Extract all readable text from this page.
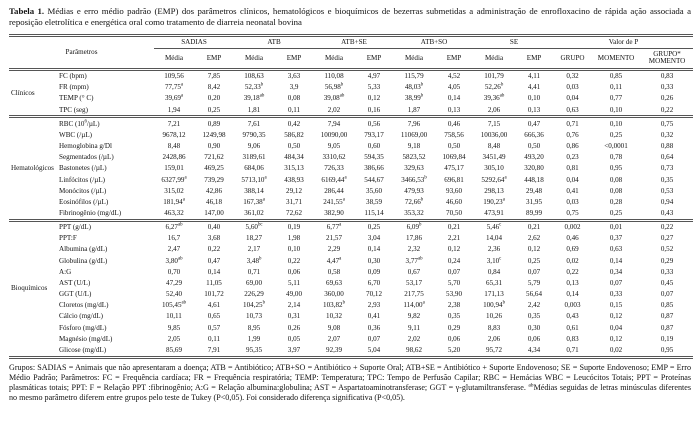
Tabela 1. Médias e erro médio padrão (EMP) dos parâmetros clínicos, hematológicos e bioquímicos de bezerras submetidas a administração de enrofloxacino de rápida ação associada a reposição eletrolítica e energética oral como tratamento de diarreia neonatal bovina

Parâmetros		SADIAS		ATB		ATB+SE		ATB+SO		SE		Valor de P		
		Média	EMP	Média	EMP	Média	EMP	Média	EMP	Média	EMP	GRUPO	MOMENTO	GRUPO* MOMENTO
Clínicos	FC (bpm)	109,56	7,85	108,63	3,63	110,08	4,97	115,79	4,52	101,79	4,11	0,32	0,85	0,83
	FR (mpm)	77,75$^a$	8,42	52,33$^b$	3,9	56,98$^b$	5,33	48,03$^b$	4,05	52,26$^b$	4,41	0,03	0,11	0,33
	TEMP (° C)	39,69$^a$	0,20	39,18$^{ab}$	0,08	39,08$^{ab}$	0,12	38,99$^b$	0,14	39,36$^{ab}$	0,10	0,04	0,77	0,26
	TPC (seg)	1,94	0,25	1,81	0,11	2,02	0,16	1,87	0,13	2,06	0,13	0,63	0,10	0,22
Hematológicos	RBC $(10^6/\mu L)$	7,21	0,89	7,61	0,42	7,94	0,56	7,96	0,46	7,15	0,47	0,71	0,10	0,75
	WBC (/µL)	9678,12	1249,98	9790,35	586,82	10090,00	793,17	11069,00	758,56	10036,00	666,36	0,76	0,25	0,32
	Hemoglobina g/Dl	8,48	0,90	9,06	0,50	9,05	0,60	9,18	0,50	8,48	0,50	0,86	<0,0001	0,88
	Segmentados (/µL)	2428,86	721,62	3189,61	484,34	3310,62	594,35	5823,52	1069,84	3451,49	493,20	0,23	0,78	0,64
	Bastonetes (/µL)	159,01	469,25	684,06	315,13	726,33	386,66	329,63	475,17	305,10	320,80	0,81	0,95	0,73
	Linfócitos (/µL)	6327,99$^a$	739,29	5713,10$^a$	438,93	6169,44$^a$	544,67	3466,53$^b$	696,81	5292,64$^a$	448,18	0,04	0,08	0,35
	Monócitos (/µL)	315,02	42,86	388,14	29,12	286,44	35,60	479,93	93,60	298,13	29,48	0,41	0,08	0,53
	Eosinófilos (/µL)	181,94$^a$	46,18	167,38$^a$	31,71	241,55$^a$	38,59	72,66$^b$	46,60	190,23$^a$	31,95	0,03	0,28	0,94
	Fibrinogênio (mg/dL)	463,32	147,00	361,02	72,62	382,90	115,14	353,32	70,50	473,91	89,99	0,75	0,25	0,43
Bioquímicos	PPT (g/dL)	6,27$^{ab}$	0,40	5,60$^{bc}$	0,19	6,77$^a$	0,25	6,09$^b$	0,21	5,46$^c$	0,21	0,002	0,01	0,22
	PPT:F	16,7	3,68	18,27	1,98	21,57	3,04	17,86	2,21	14,04	2,62	0,46	0,37	0,27
	Albumina (g/dL)	2,47	0,22	2,17	0,10	2,29	0,14	2,32	0,12	2,36	0,12	0,69	0,63	0,52
	Globulina (g/dL)	3,80$^{ab}$	0,47	3,48$^b$	0,22	4,47$^a$	0,30	3,77$^{ab}$	0,24	3,10$^c$	0,25	0,02	0,14	0,29
	A:G	0,70	0,14	0,71	0,06	0,58	0,09	0,67	0,07	0,84	0,07	0,22	0,34	0,33
	AST (U/L)	47,29	11,05	69,00	5,11	69,63	6,70	53,17	5,70	65,31	5,79	0,13	0,07	0,45
	GGT (U/L)	52,40	101,72	226,29	49,00	360,00	70,12	217,75	53,90	171,13	56,64	0,14	0,33	0,07
	Cloretos (mg/dL)	105,45$^{ab}$	4,61	104,25$^b$	2,14	103,82$^b$	2,93	114,00$^a$	2,38	100,94$^b$	2,42	0,003	0,15	0,85
	Cálcio (mg/dL)	10,11	0,65	10,73	0,31	10,32	0,41	9,82	0,35	10,26	0,35	0,43	0,12	0,87
	Fósforo (mg/dL)	9,85	0,57	8,95	0,26	9,08	0,36	9,11	0,29	8,83	0,30	0,61	0,04	0,87
	Magnésio (mg/dL)	2,05	0,11	1,99	0,05	2,07	0,07	2,02	0,06	2,06	0,06	0,83	0,12	0,19
	Glicose (mg/dL)	85,69	7,91	95,35	3,97	92,39	5,04	98,62	5,20	95,72	4,34	0,71	0,02	0,95

Grupos: SADIAS = Animais que não apresentaram a doença; ATB = Antibiótico; ATB+SO = Antibiótico + Suporte Oral; ATB+SE = Antibiótico + Suporte Endovenoso; SE = Suporte Endovenoso; EMP = Erro Médio Padrão; Parâmetros: FC = Frequência cardíaca; FR = Frequência respiratória; TEMP: Temperatura; TPC: Tempo de Perfusão Capilar; RBC = Hemácias WBC = Leucócitos Totais; PPT = Proteínas plasmáticas totais; PPT: F = Relação PPT :fibrinogênio; A:G = Relação albumina:globulina; AST = Aspartatoaminotransferase; GGT = γ-glutamiltransferase. $^{ab}$Médias seguidas de letras minúsculas diferentes no mesmo parâmetro diferem entre grupos pelo teste de Tukey (P<0,05). Foi considerado diferença significativa (P<0,05).
